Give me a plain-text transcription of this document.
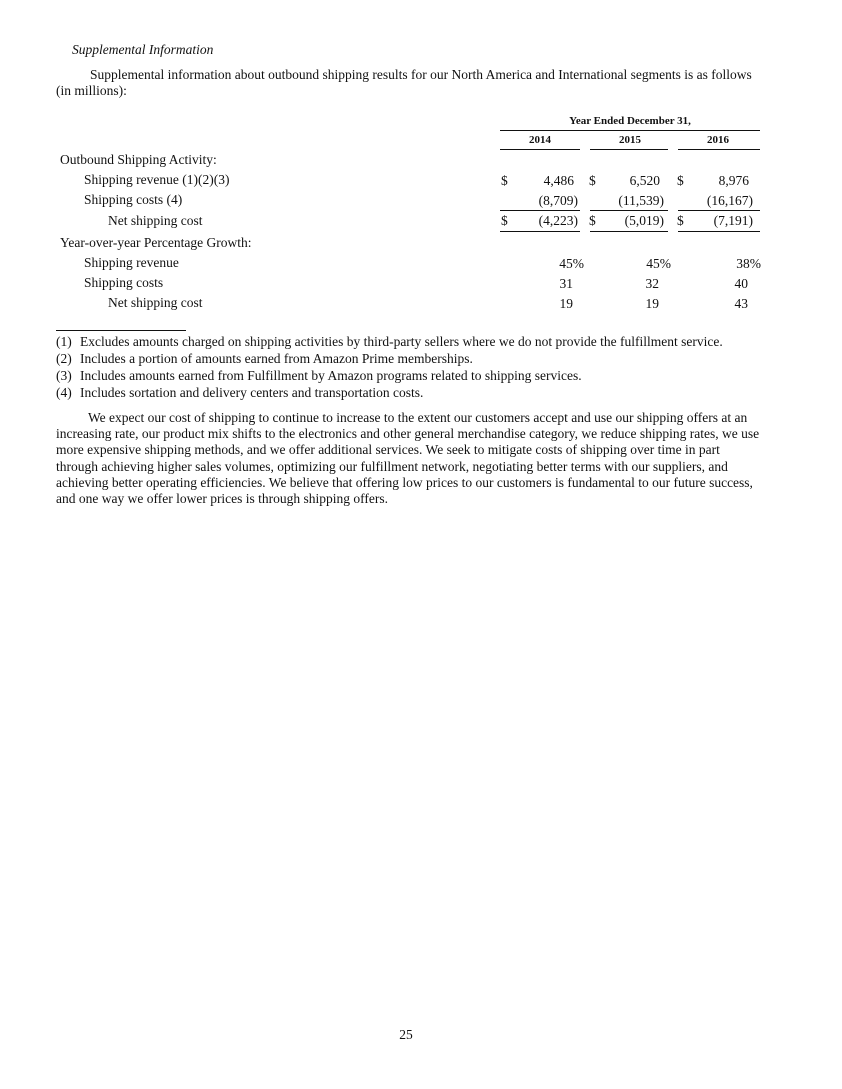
Supplemental Information
Supplemental information about outbound shipping results for our North America and International segments is as follows (in millions):
Year Ended December 31,
2014	2015	2016
Outbound Shipping Activity:
Shipping revenue (1)(2)(3)	$	4,486 $	6,520 $	8,976
Shipping costs (4)	(8,709)	(11,539)	(16,167)
Net shipping cost	$	(4,223) $	(5,019) $	(7,191)
Year-over-year Percentage Growth:
Shipping revenue	45%	45%	38%
Shipping costs	31	32	40
Net shipping cost	19	19	43
(1) Excludes amounts charged on shipping activities by third-party sellers where we do not provide the fulfillment service.
(2) Includes a portion of amounts earned from Amazon Prime memberships.
(3) Includes amounts earned from Fulfillment by Amazon programs related to shipping services.
(4) Includes sortation and delivery centers and transportation costs.
We expect our cost of shipping to continue to increase to the extent our customers accept and use our shipping offers at an increasing rate, our product mix shifts to the electronics and other general merchandise category, we reduce shipping rates, we use more expensive shipping methods, and we offer additional services. We seek to mitigate costs of shipping over time in part through achieving higher sales volumes, optimizing our fulfillment network, negotiating better terms with our suppliers, and achieving better operating efficiencies. We believe that offering low prices to our customers is fundamental to our future success, and one way we offer lower prices is through shipping offers.
25
